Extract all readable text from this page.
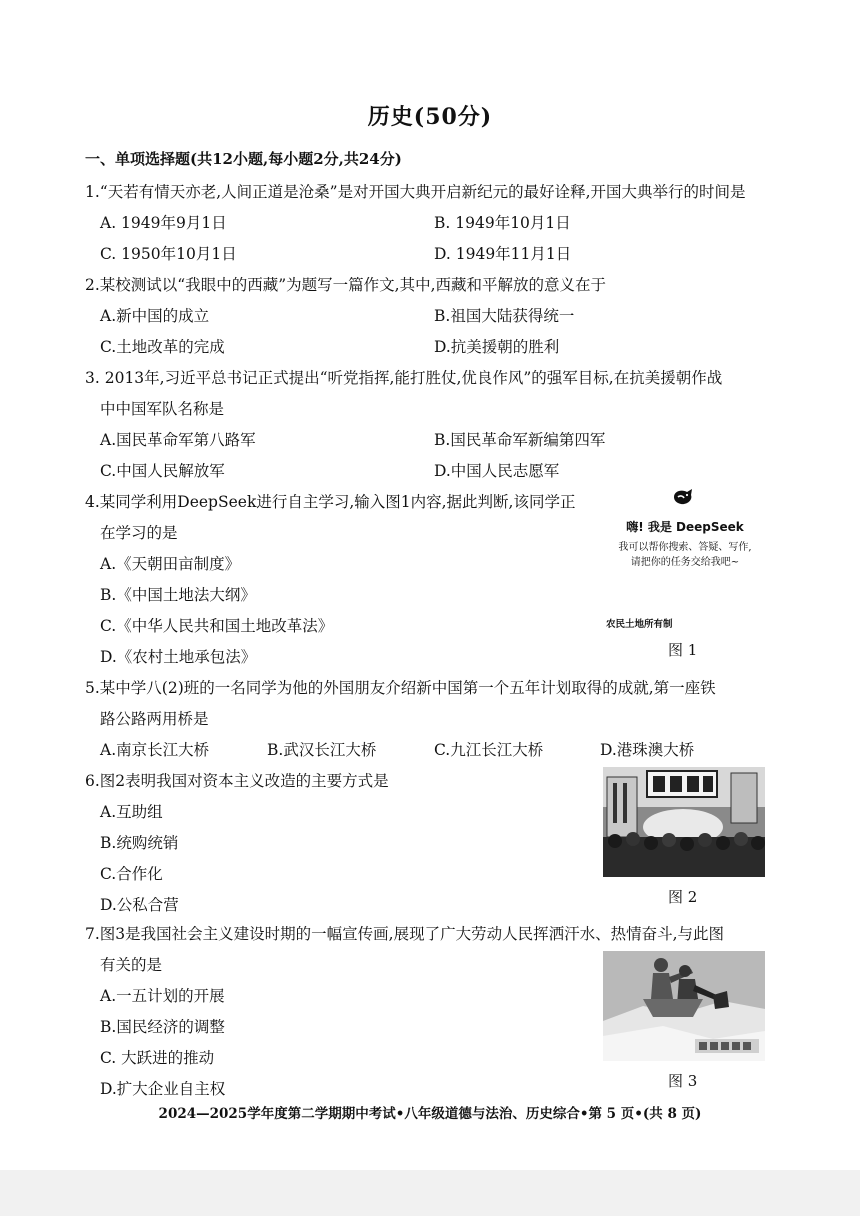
历史(50分)
一、单项选择题(共12小题,每小题2分,共24分)
1.“天若有情天亦老,人间正道是沧桑”是对开国大典开启新纪元的最好诠释,开国大典举行的时间是
A. 1949年9月1日	B. 1949年10月1日
C. 1950年10月1日	D. 1949年11月1日
2.某校测试以“我眼中的西藏”为题写一篇作文,其中,西藏和平解放的意义在于
A.新中国的成立	B.祖国大陆获得统一
C.土地改革的完成	D.抗美援朝的胜利
3. 2013年,习近平总书记正式提出“听党指挥,能打胜仗,优良作风”的强军目标,在抗美援朝作战
中中国军队名称是
A.国民革命军第八路军	B.国民革命军新编第四军
C.中国人民解放军	D.中国人民志愿军
4.某同学利用DeepSeek进行自主学习,输入图1内容,据此判断,该同学正
在学习的是
A.《天朝田亩制度》
B.《中国土地法大纲》
C.《中华人民共和国土地改革法》
D.《农村土地承包法》
嗨! 我是 DeepSeek
我可以帮你搜索、答疑、写作,
请把你的任务交给我吧~
农民土地所有制
图 1
5.某中学八(2)班的一名同学为他的外国朋友介绍新中国第一个五年计划取得的成就,第一座铁
路公路两用桥是
A.南京长江大桥	B.武汉长江大桥	C.九江长江大桥	D.港珠澳大桥
6.图2表明我国对资本主义改造的主要方式是
A.互助组
B.统购统销
C.合作化
D.公私合营	图 2
7.图3是我国社会主义建设时期的一幅宣传画,展现了广大劳动人民挥洒汗水、热情奋斗,与此图
有关的是
A.一五计划的开展
B.国民经济的调整
C. 大跃进的推动
D.扩大企业自主权	图 3
2024—2025学年度第二学期期中考试•八年级道德与法治、历史综合•第 5 页•(共 8 页)
